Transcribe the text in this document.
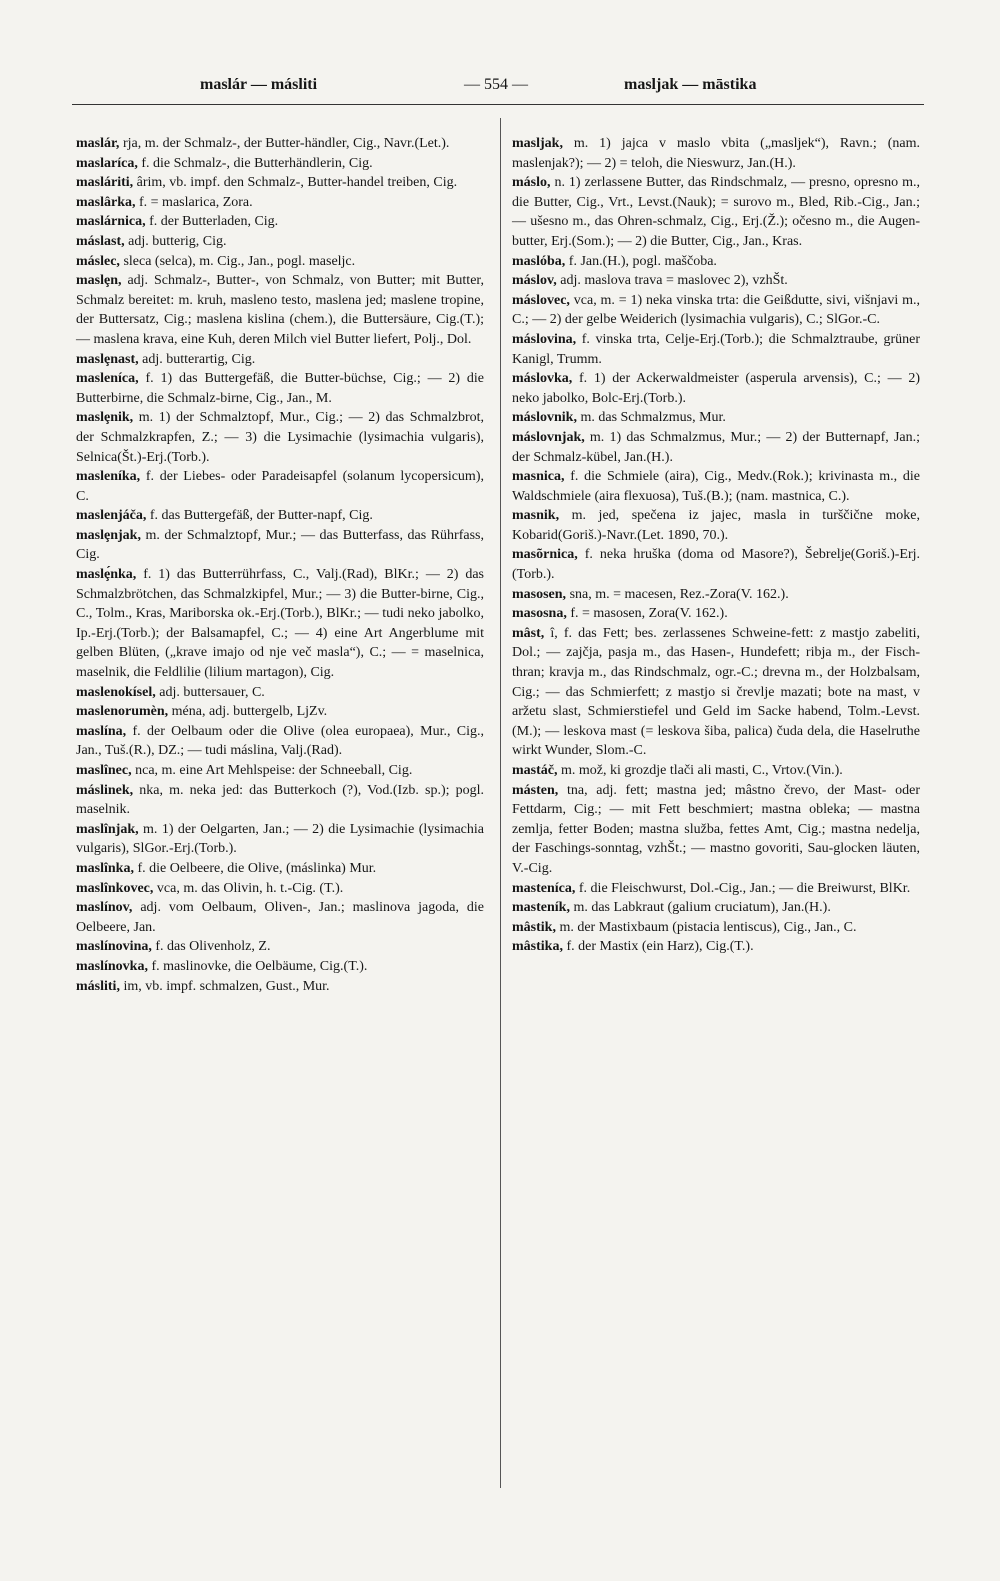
maslár — másliti	— 554 —	masljak — māstika
maslár, rja, m. der Schmalz-, der Butter-händler, Cig., Navr.(Let.).
maslaríca, f. die Schmalz-, die Butterhändlerin, Cig.
masláriti, ârim, vb. impf. den Schmalz-, Butter-handel treiben, Cig.
maslârka, f. = maslarica, Zora.
maslárnica, f. der Butterladen, Cig.
máslast, adj. butterig, Cig.
máslec, sleca (selca), m. Cig., Jan., pogl. maseljc.
maslȩn, adj. Schmalz-, Butter-, von Schmalz, von Butter; mit Butter, Schmalz bereitet: m. kruh, masleno testo, maslena jed; maslene tropine, der Buttersatz, Cig.; maslena kislina (chem.), die Buttersäure, Cig.(T.); — maslena krava, eine Kuh, deren Milch viel Butter liefert, Polj., Dol.
maslȩnast, adj. butterartig, Cig.
masleníca, f. 1) das Buttergefäß, die Butter-büchse, Cig.; — 2) die Butterbirne, die Schmalz-birne, Cig., Jan., M.
maslȩnik, m. 1) der Schmalztopf, Mur., Cig.; — 2) das Schmalzbrot, der Schmalzkrapfen, Z.; — 3) die Lysimachie (lysimachia vulgaris), Selnica(Št.)-Erj.(Torb.).
masleníka, f. der Liebes- oder Paradeisapfel (solanum lycopersicum), C.
maslenjáča, f. das Buttergefäß, der Butter-napf, Cig.
maslȩnjak, m. der Schmalztopf, Mur.; — das Butterfass, das Rührfass, Cig.
maslȩ́nka, f. 1) das Butterrührfass, C., Valj.(Rad), BlKr.; — 2) das Schmalzbrötchen, das Schmalzkipfel, Mur.; — 3) die Butter-birne, Cig., C., Tolm., Kras, Mariborska ok.-Erj.(Torb.), BlKr.; — tudi neko jabolko, Ip.-Erj.(Torb.); der Balsamapfel, C.; — 4) eine Art Angerblume mit gelben Blüten, („krave imajo od nje več masla“), C.; — = maselnica, maselnik, die Feldlilie (lilium martagon), Cig.
maslenokísel, adj. buttersauer, C.
maslenorumèn, ména, adj. buttergelb, LjZv.
maslína, f. der Oelbaum oder die Olive (olea europaea), Mur., Cig., Jan., Tuš.(R.), DZ.; — tudi máslina, Valj.(Rad).
maslînec, nca, m. eine Art Mehlspeise: der Schneeball, Cig.
máslinek, nka, m. neka jed: das Butterkoch (?), Vod.(Izb. sp.); pogl. maselnik.
maslînjak, m. 1) der Oelgarten, Jan.; — 2) die Lysimachie (lysimachia vulgaris), SlGor.-Erj.(Torb.).
maslînka, f. die Oelbeere, die Olive, (máslinka) Mur.
maslînkovec, vca, m. das Olivin, h. t.-Cig. (T.).
maslínov, adj. vom Oelbaum, Oliven-, Jan.; maslinova jagoda, die Oelbeere, Jan.
maslínovina, f. das Olivenholz, Z.
maslínovka, f. maslinovke, die Oelbäume, Cig.(T.).
másliti, im, vb. impf. schmalzen, Gust., Mur.
masljak, m. 1) jajca v maslo vbita („masljek“), Ravn.; (nam. maslenjak?); — 2) = teloh, die Nieswurz, Jan.(H.).
máslo, n. 1) zerlassene Butter, das Rindschmalz, — presno, opresno m., die Butter, Cig., Vrt., Levst.(Nauk); = surovo m., Bled, Rib.-Cig., Jan.; — ušesno m., das Ohren-schmalz, Cig., Erj.(Ž.); očesno m., die Augen-butter, Erj.(Som.); — 2) die Butter, Cig., Jan., Kras.
maslóba, f. Jan.(H.), pogl. maščoba.
máslov, adj. maslova trava = maslovec 2), vzhŠt.
máslovec, vca, m. = 1) neka vinska trta: die Geißdutte, sivi, višnjavi m., C.; — 2) der gelbe Weiderich (lysimachia vulgaris), C.; SlGor.-C.
máslovina, f. vinska trta, Celje-Erj.(Torb.); die Schmalztraube, grüner Kanigl, Trumm.
máslovka, f. 1) der Ackerwaldmeister (asperula arvensis), C.; — 2) neko jabolko, Bolc-Erj.(Torb.).
máslovnik, m. das Schmalzmus, Mur.
máslovnjak, m. 1) das Schmalzmus, Mur.; — 2) der Butternapf, Jan.; der Schmalz-kübel, Jan.(H.).
masnica, f. die Schmiele (aira), Cig., Medv.(Rok.); krivinasta m., die Waldschmiele (aira flexuosa), Tuš.(B.); (nam. mastnica, C.).
masnik, m. jed, spečena iz jajec, masla in turščične moke, Kobarid(Goriš.)-Navr.(Let. 1890, 70.).
masõrnica, f. neka hruška (doma od Masore?), Šebrelje(Goriš.)-Erj.(Torb.).
masosen, sna, m. = macesen, Rez.-Zora(V. 162.).
masosna, f. = masosen, Zora(V. 162.).
mâst, î, f. das Fett; bes. zerlassenes Schweine-fett: z mastjo zabeliti, Dol.; — zajčja, pasja m., das Hasen-, Hundefett; ribja m., der Fisch-thran; kravja m., das Rindschmalz, ogr.-C.; drevna m., der Holzbalsam, Cig.; — das Schmierfett; z mastjo si črevlje mazati; bote na mast, v aržetu slast, Schmierstiefel und Geld im Sacke habend, Tolm.-Levst.(M.); — leskova mast (= leskova šiba, palica) čuda dela, die Haselruthe wirkt Wunder, Slom.-C.
mastáč, m. mož, ki grozdje tlači ali masti, C., Vrtov.(Vin.).
másten, tna, adj. fett; mastna jed; mâstno črevo, der Mast- oder Fettdarm, Cig.; — mit Fett beschmiert; mastna obleka; — mastna zemlja, fetter Boden; mastna služba, fettes Amt, Cig.; mastna nedelja, der Faschings-sonntag, vzhŠt.; — mastno govoriti, Sau-glocken läuten, V.-Cig.
masteníca, f. die Fleischwurst, Dol.-Cig., Jan.; — die Breiwurst, BlKr.
masteník, m. das Labkraut (galium cruciatum), Jan.(H.).
mâstik, m. der Mastixbaum (pistacia lentiscus), Cig., Jan., C.
mâstika, f. der Mastix (ein Harz), Cig.(T.).
